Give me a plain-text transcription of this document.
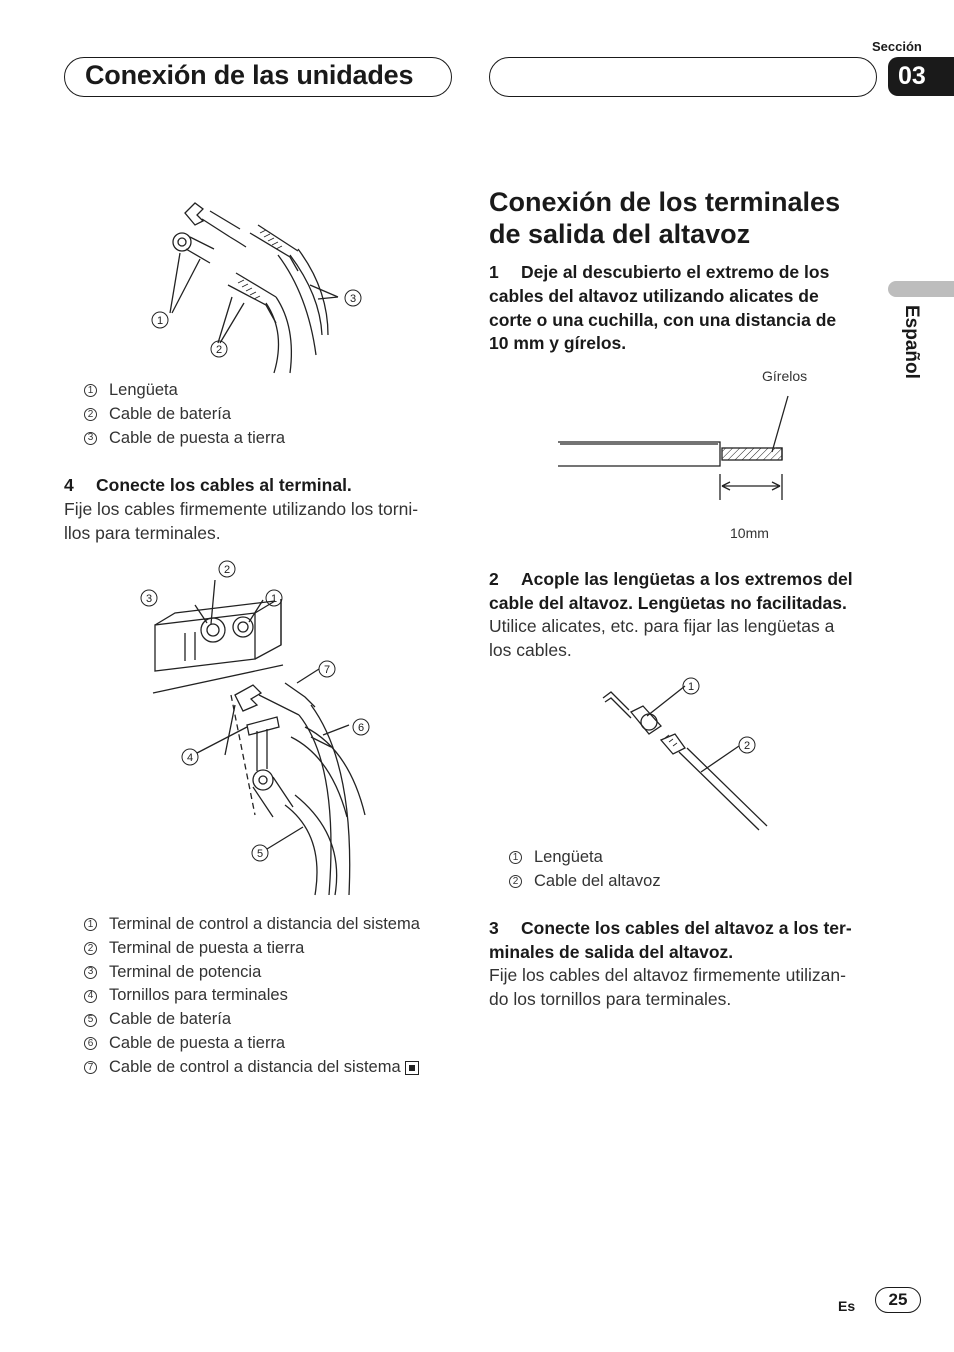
Conexión de las unidades
Sección
03
Español
1
2
3
1 Lengüeta
2 Cable de batería
3 Cable de puesta a tierra
4 Conecte los cables al terminal.
Fije los cables firmemente utilizando los torni-
llos para terminales.
3
2
1
7
6
4
5
1 Terminal de control a distancia del sistema
2 Terminal de puesta a tierra
3 Terminal de potencia
4 Tornillos para terminales
5 Cable de batería
6 Cable de puesta a tierra
7 Cable de control a distancia del sistema
Conexión de los terminales
de salida del altavoz
1 Deje al descubierto el extremo de los
cables del altavoz utilizando alicates de
corte o una cuchilla, con una distancia de
10 mm y gírelos.
Gírelos
10mm
2 Acople las lengüetas a los extremos del
cable del altavoz. Lengüetas no facilitadas.
Utilice alicates, etc. para fijar las lengüetas a
los cables.
1
2
1 Lengüeta
2 Cable del altavoz
3 Conecte los cables del altavoz a los ter-
minales de salida del altavoz.
Fije los cables del altavoz firmemente utilizan-
do los tornillos para terminales.
Es	25
